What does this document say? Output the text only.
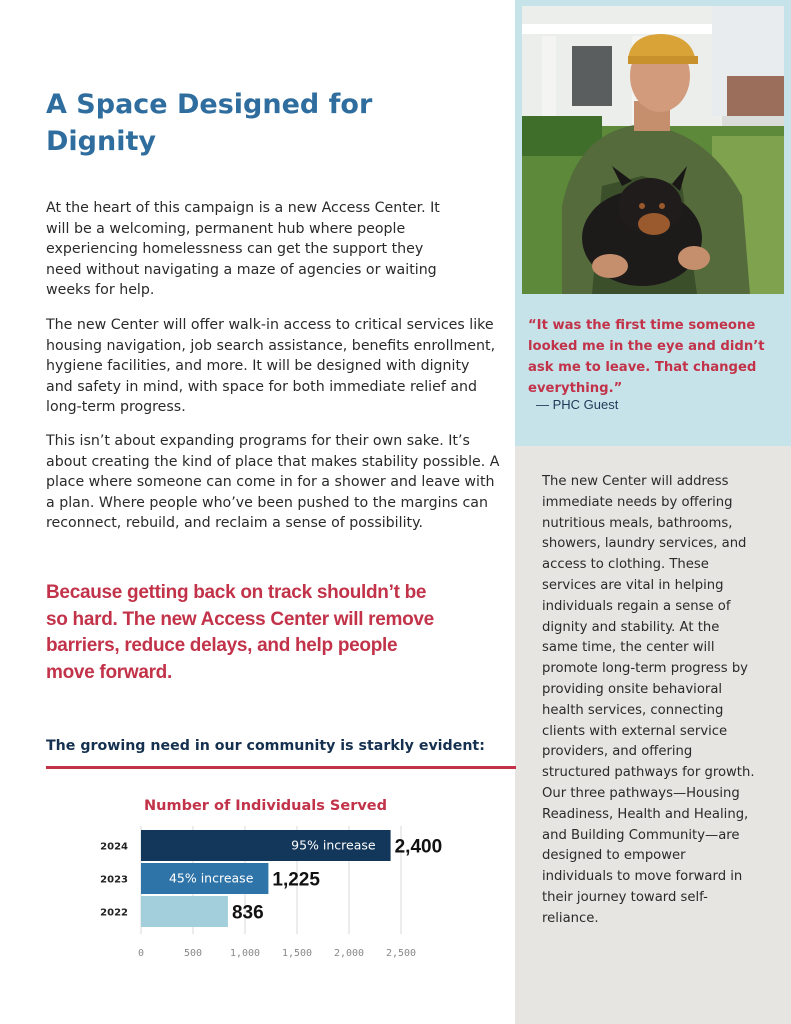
“It was the first time someone looked me in the eye and didn’t ask me to leave. That changed everything.”
— PHC Guest

The new Center will address immediate needs by offering nutritious meals, bathrooms, showers, laundry services, and access to clothing. These services are vital in helping individuals regain a sense of dignity and stability. At the same time, the center will promote long-term progress by providing onsite behavioral health services, connecting clients with external service providers, and offering structured pathways for growth.

Our three pathways—Housing Readiness, Health and Healing, and Building Community—are designed to empower individuals to move forward in their journey toward self-reliance.

A Space Designed for Dignity

At the heart of this campaign is a new Access Center. It will be a welcoming, permanent hub where people experiencing homelessness can get the support they need without navigating a maze of agencies or waiting weeks for help.

The new Center will offer walk-in access to critical services like housing navigation, job search assistance, benefits enrollment, hygiene facilities, and more. It will be designed with dignity and safety in mind, with space for both immediate relief and long-term progress.

This isn’t about expanding programs for their own sake. It’s about creating the kind of place that makes stability possible. A place where someone can come in for a shower and leave with a plan. Where people who’ve been pushed to the margins can reconnect, rebuild, and reclaim a sense of possibility.

Because getting back on track shouldn’t be so hard. The new Access Center will remove barriers, reduce delays, and help people move forward.
The growing need in our community is starkly evident:
Number of Individuals Served
0	500	1,000 1,500 2,000 2,500
2024	2,400
95% increase
2023	1,225
45% increase
2022	836
